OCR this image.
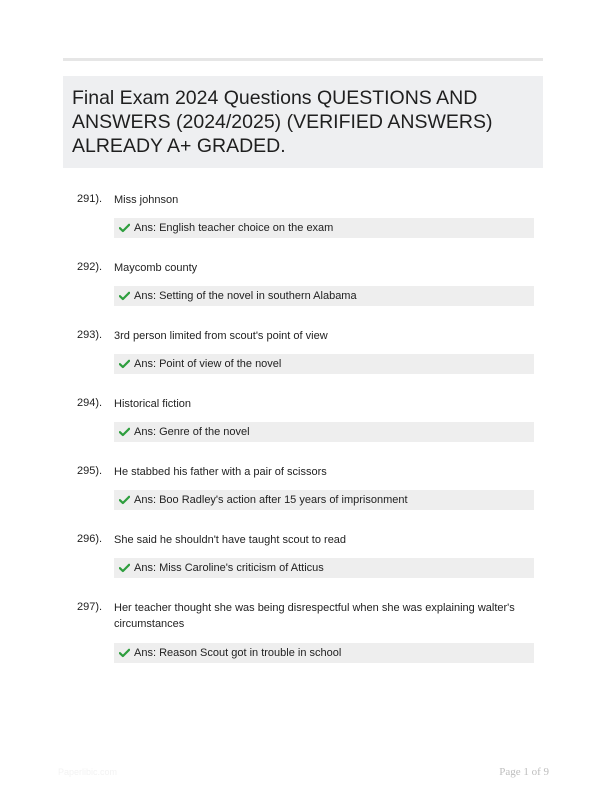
Final Exam 2024 Questions QUESTIONS AND ANSWERS (2024/2025) (VERIFIED ANSWERS) ALREADY A+ GRADED.
291). Miss johnson
Ans: English teacher choice on the exam
292). Maycomb county
Ans: Setting of the novel in southern Alabama
293). 3rd person limited from scout's point of view
Ans: Point of view of the novel
294). Historical fiction
Ans: Genre of the novel
295). He stabbed his father with a pair of scissors
Ans: Boo Radley's action after 15 years of imprisonment
296). She said he shouldn't have taught scout to read
Ans: Miss Caroline's criticism of Atticus
297). Her teacher thought she was being disrespectful when she was explaining walter's circumstances
Ans: Reason Scout got in trouble in school
Paperlibic.com	Page 1 of 9
